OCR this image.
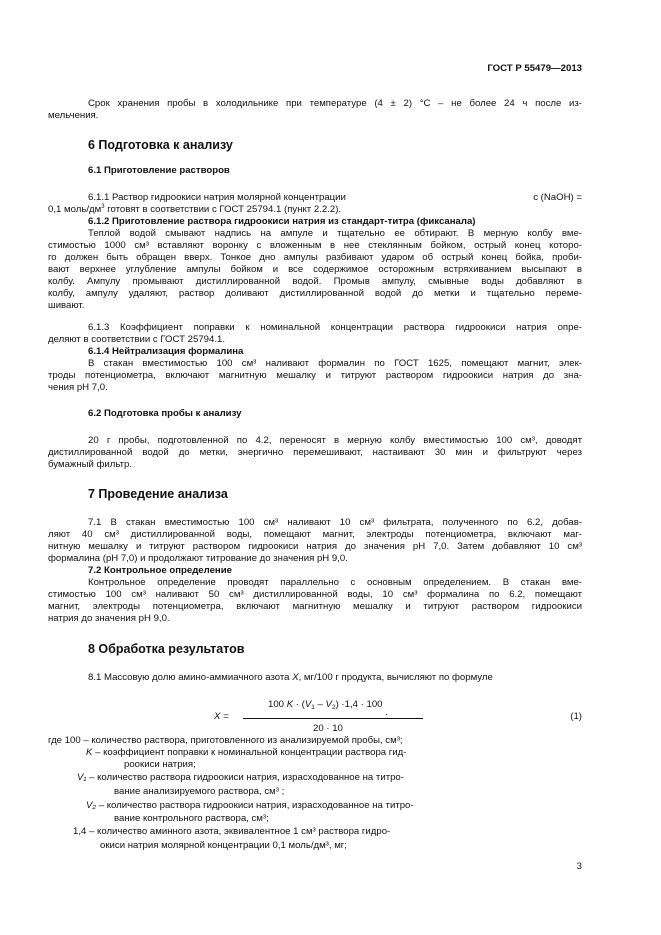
ГОСТ Р 55479—2013
Срок хранения пробы в холодильнике при температуре (4 ± 2) °С – не более 24 ч после из-
мельчения.
6 Подготовка к анализу
6.1 Приготовление растворов
6.1.1 Раствор гидроокиси натрия молярной концентрации	с (NaOH) =
0,1 моль/$дм^3$ готовят в соответствии с ГОСТ 25794.1 (пункт 2.2.2).
6.1.2 Приготовление раствора гидроокиси натрия из стандарт-титра (фиксанала)
Теплой водой смывают надпись на ампуле и тщательно ее обтирают. В мерную колбу вме-
стимостью 1000 см³ вставляют воронку с вложенным в нее стеклянным бойком, острый конец которо-
го должен быть обращен вверх. Тонкое дно ампулы разбивают ударом об острый конец бойка, проби-
вают верхнее углубление ампулы бойком и все содержимое осторожным встряхиванием высыпают в
колбу. Ампулу промывают дистиллированной водой. Промыв ампулу, смывные воды добавляют в
колбу, ампулу удаляют, раствор доливают дистиллированной водой до метки и тщательно переме-
шивают.
6.1.3 Коэффициент поправки к номинальной концентрации раствора гидроокиси натрия опре-
деляют в соответствии с ГОСТ 25794.1.
6.1.4 Нейтрализация формалина
В стакан вместимостью 100 см³ наливают формалин по ГОСТ 1625, помещают магнит, элек-
троды потенциометра, включают магнитную мешалку и титруют раствором гидроокиси натрия до зна-
чения рН 7,0.
6.2 Подготовка пробы к анализу
20 г пробы, подготовленной по 4.2, переносят в мерную колбу вместимостью 100 см³, доводят
дистиллированной водой до метки, энергично перемешивают, настаивают 30 мин и фильтруют через
бумажный фильтр.
7 Проведение анализа
7.1 В стакан вместимостью 100 см³ наливают 10 см³ фильтрата, полученного по 6.2, добав-
ляют 40 см³ дистиллированной воды, помещают магнит, электроды потенциометра, включают маг-
нитную мешалку и титруют раствором гидроокиси натрия до значения рН 7,0. Затем добавляют 10 см³
формалина (рН 7,0) и продолжают титрование до значения рН 9,0.
7.2 Контрольное определение
Контрольное определение проводят параллельно с основным определением. В стакан вме-
стимостью 100 см³ наливают 50 см³ дистиллированной воды, 10 см³ формалина по 6.2, помещают
магнит, электроды потенциометра, включают магнитную мешалку и титруют раствором гидроокиси
натрия до значения рН 9,0.
8 Обработка результатов
8.1 Массовую долю амино-аммиачного азота X, мг/100 г продукта, вычисляют по формуле
100 $K \cdot (V_1 - V_2) \cdot 1,4 \cdot 100$
X =	.
20 · 10
(1)
где 100 – количество раствора, приготовленного из анализируемой пробы, см³;
K – коэффициент поправки к номинальной концентрации раствора гид-
роокиси натрия;
V₁ – количество раствора гидроокиси натрия, израсходованное на титро-
вание анализируемого раствора, см³ ;
V₂ – количество раствора гидроокиси натрия, израсходованное на титро-
вание контрольного раствора, см³;
1,4 – количество аминного азота, эквивалентное 1 см³ раствора гидро-
окиси натрия молярной концентрации 0,1 моль/дм³, мг;
3
